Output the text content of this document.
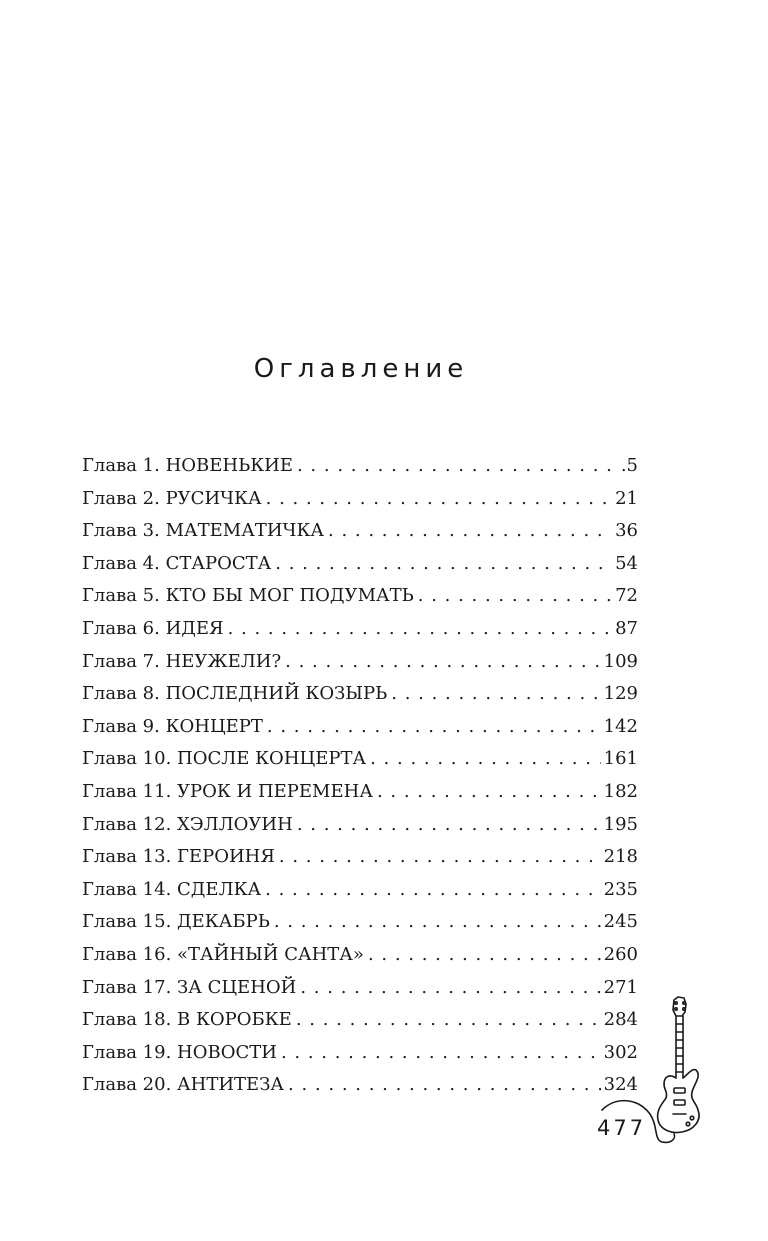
Оглавление
Глава 1. НОВЕНЬКИЕ . . .	.5
Глава 2. РУСИЧКА . . .	21
Глава 3. МАТЕМАТИЧКА . . .	36
Глава 4. СТАРОСТА . . .	54
Глава 5. КТО БЫ МОГ ПОДУМАТЬ . . .	72
Глава 6. ИДЕЯ . . .	87
Глава 7. НЕУЖЕЛИ? . . .	109
Глава 8. ПОСЛЕДНИЙ КОЗЫРЬ . . .	129
Глава 9. КОНЦЕРТ . . .	142
Глава 10. ПОСЛЕ КОНЦЕРТА . . .	161
Глава 11. УРОК И ПЕРЕМЕНА . . .	182
Глава 12. ХЭЛЛОУИН . . .	195
Глава 13. ГЕРОИНЯ . . .	218
Глава 14. СДЕЛКА . . .	235
Глава 15. ДЕКАБРЬ . . .	245
Глава 16. «ТАЙНЫЙ САНТА» . . .	260
Глава 17. ЗА СЦЕНОЙ . . .	271
Глава 18. В КОРОБКЕ . . .	284
Глава 19. НОВОСТИ . . .	302
Глава 20. АНТИТЕЗА . . .	324
477
